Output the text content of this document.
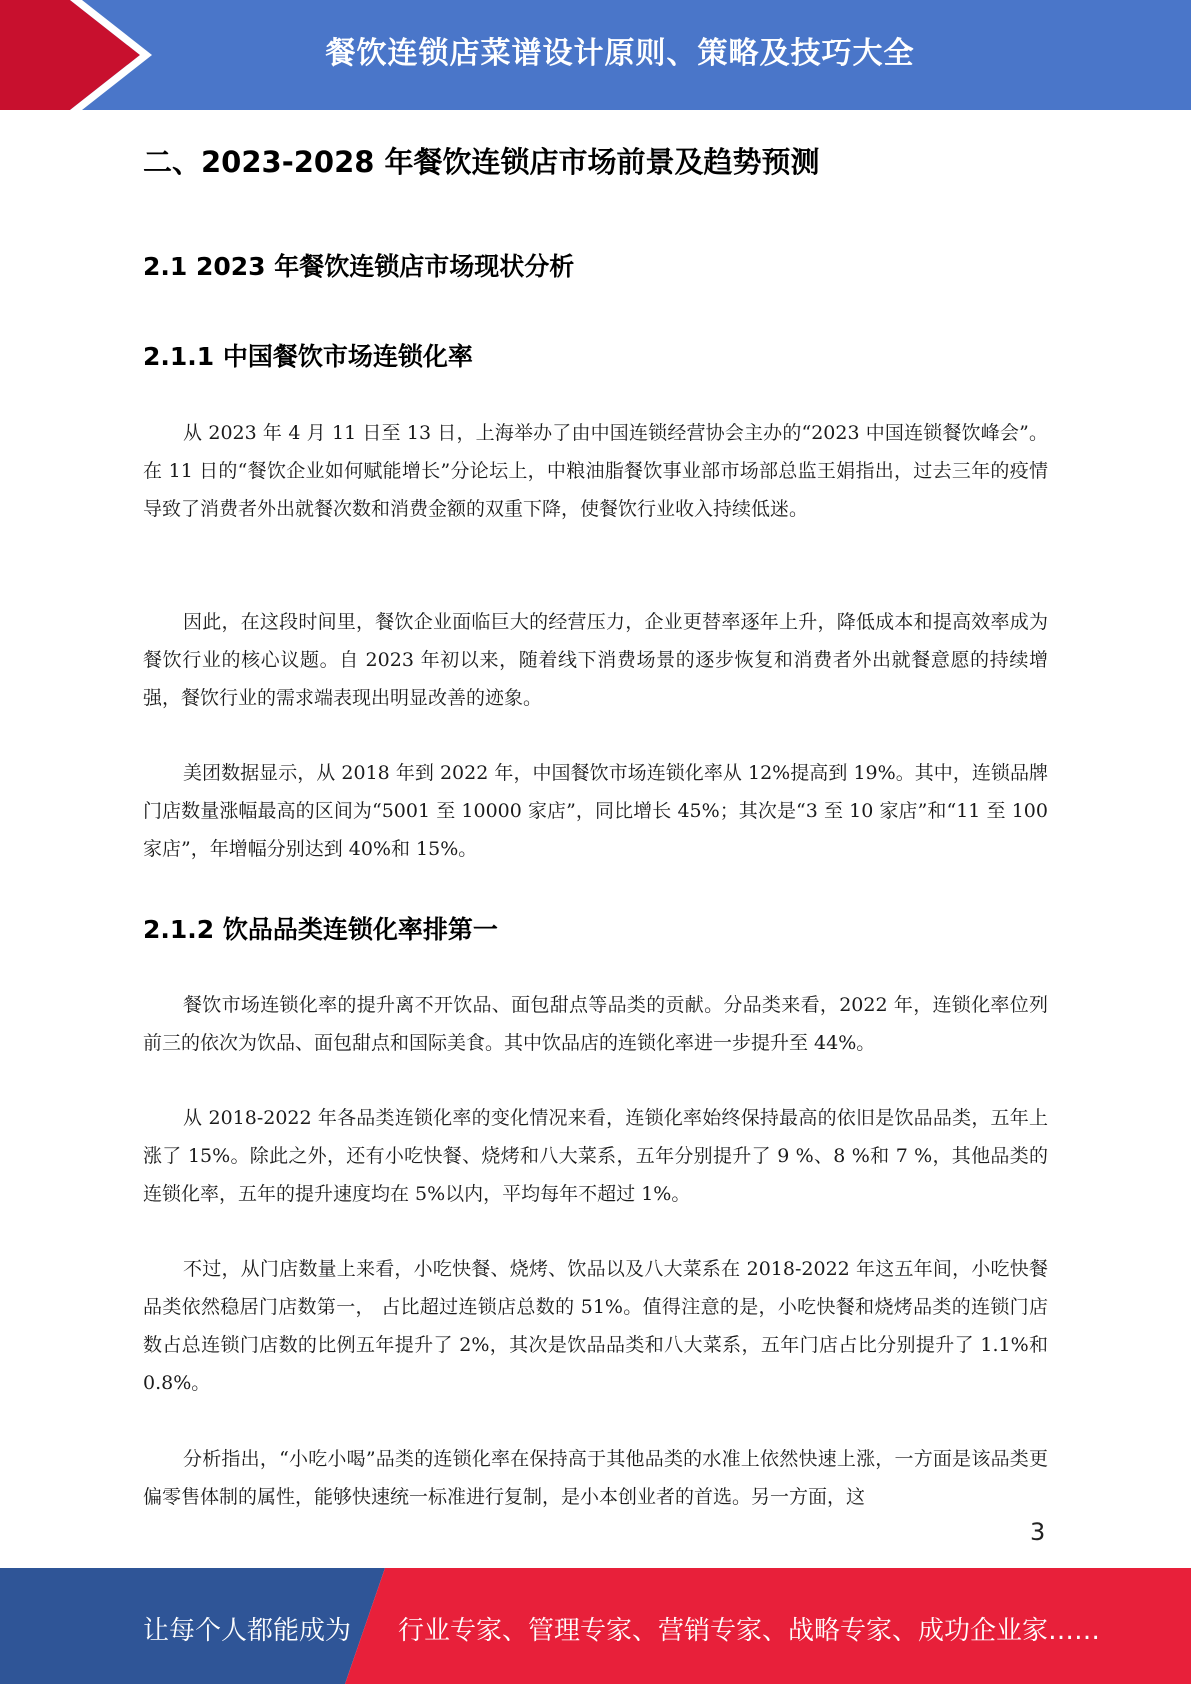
餐饮连锁店菜谱设计原则、策略及技巧大全
二、2023-2028 年餐饮连锁店市场前景及趋势预测
2.1 2023 年餐饮连锁店市场现状分析
2.1.1 中国餐饮市场连锁化率

从 2023 年 4 月 11 日至 13 日，上海举办了由中国连锁经营协会主办的“2023 中国连锁餐饮峰会”。在 11 日的“餐饮企业如何赋能增长”分论坛上，中粮油脂餐饮事业部市场部总监王娟指出，过去三年的疫情导致了消费者外出就餐次数和消费金额的双重下降，使餐饮行业收入持续低迷。

因此，在这段时间里，餐饮企业面临巨大的经营压力，企业更替率逐年上升，降低成本和提高效率成为餐饮行业的核心议题。自 2023 年初以来，随着线下消费场景的逐步恢复和消费者外出就餐意愿的持续增强，餐饮行业的需求端表现出明显改善的迹象。

美团数据显示，从 2018 年到 2022 年，中国餐饮市场连锁化率从 12%提高到 19%。其中，连锁品牌门店数量涨幅最高的区间为“5001 至 10000 家店”，同比增长 45%；其次是“3 至 10 家店”和“11 至 100 家店”，年增幅分别达到 40%和 15%。

2.1.2 饮品品类连锁化率排第一

餐饮市场连锁化率的提升离不开饮品、面包甜点等品类的贡献。分品类来看，2022 年，连锁化率位列前三的依次为饮品、面包甜点和国际美食。其中饮品店的连锁化率进一步提升至 44%。

从 2018-2022 年各品类连锁化率的变化情况来看，连锁化率始终保持最高的依旧是饮品品类，五年上涨了 15%。除此之外，还有小吃快餐、烧烤和八大菜系，五年分别提升了 9 %、8 %和 7 %，其他品类的连锁化率，五年的提升速度均在 5%以内，平均每年不超过 1%。

不过，从门店数量上来看，小吃快餐、烧烤、饮品以及八大菜系在 2018-2022 年这五年间，小吃快餐品类依然稳居门店数第一， 占比超过连锁店总数的 51%。值得注意的是，小吃快餐和烧烤品类的连锁门店数占总连锁门店数的比例五年提升了 2%，其次是饮品品类和八大菜系，五年门店占比分别提升了 1.1%和 0.8%。

分析指出，“小吃小喝”品类的连锁化率在保持高于其他品类的水准上依然快速上涨，一方面是该品类更偏零售体制的属性，能够快速统一标准进行复制，是小本创业者的首选。另一方面，这

3
让每个人都能成为 行业专家、管理专家、营销专家、战略专家、成功企业家……
